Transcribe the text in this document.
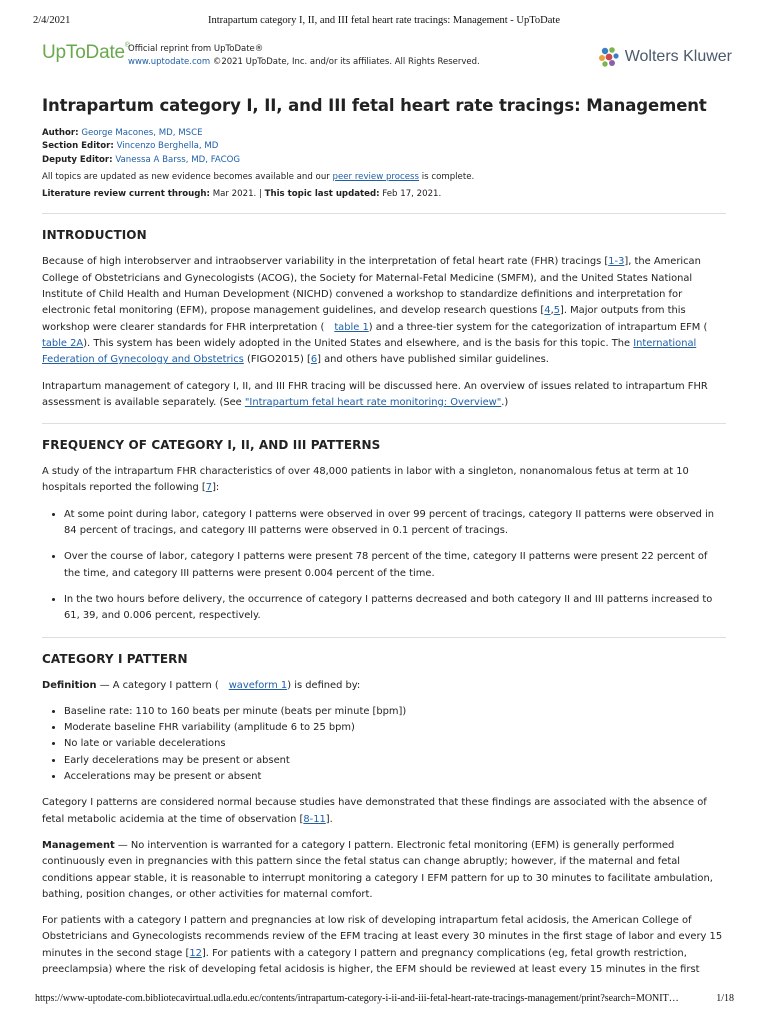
2/4/2021	Intrapartum category I, II, and III fetal heart rate tracings: Management - UpToDate
UpToDate®
Official reprint from UpToDate®
www.uptodate.com ©2021 UpToDate, Inc. and/or its affiliates. All Rights Reserved.	Wolters Kluwer
Intrapartum category I, II, and III fetal heart rate tracings: Management
Author: George Macones, MD, MSCE
Section Editor: Vincenzo Berghella, MD
Deputy Editor: Vanessa A Barss, MD, FACOG
All topics are updated as new evidence becomes available and our peer review process is complete.
Literature review current through: Mar 2021. | This topic last updated: Feb 17, 2021.
INTRODUCTION

Because of high interobserver and intraobserver variability in the interpretation of fetal heart rate (FHR) tracings [1-3], the American College of Obstetricians and Gynecologists (ACOG), the Society for Maternal-Fetal Medicine (SMFM), and the United States National Institute of Child Health and Human Development (NICHD) convened a workshop to standardize definitions and interpretation for electronic fetal monitoring (EFM), propose management guidelines, and develop research questions [4,5]. Major outputs from this workshop were clearer standards for FHR interpretation ( table 1) and a three-tier system for the categorization of intrapartum EFM (table 2A). This system has been widely adopted in the United States and elsewhere, and is the basis for this topic. The International Federation of Gynecology and Obstetrics (FIGO2015) [6] and others have published similar guidelines.

Intrapartum management of category I, II, and III FHR tracing will be discussed here. An overview of issues related to intrapartum FHR assessment is available separately. (See "Intrapartum fetal heart rate monitoring: Overview".)

FREQUENCY OF CATEGORY I, II, AND III PATTERNS

A study of the intrapartum FHR characteristics of over 48,000 patients in labor with a singleton, nonanomalous fetus at term at 10 hospitals reported the following [7]:

• At some point during labor, category I patterns were observed in over 99 percent of tracings, category II patterns were observed in 84 percent of tracings, and category III patterns were observed in 0.1 percent of tracings.
• Over the course of labor, category I patterns were present 78 percent of the time, category II patterns were present 22 percent of the time, and category III patterns were present 0.004 percent of the time.
• In the two hours before delivery, the occurrence of category I patterns decreased and both category II and III patterns increased to 61, 39, and 0.006 percent, respectively.
CATEGORY I PATTERN

Definition — A category I pattern ( waveform 1) is defined by:

• Baseline rate: 110 to 160 beats per minute (beats per minute [bpm])
• Moderate baseline FHR variability (amplitude 6 to 25 bpm)
• No late or variable decelerations
• Early decelerations may be present or absent
• Accelerations may be present or absent

Category I patterns are considered normal because studies have demonstrated that these findings are associated with the absence of fetal metabolic acidemia at the time of observation [8-11].

Management — No intervention is warranted for a category I pattern. Electronic fetal monitoring (EFM) is generally performed continuously even in pregnancies with this pattern since the fetal status can change abruptly; however, if the maternal and fetal conditions appear stable, it is reasonable to interrupt monitoring a category I EFM pattern for up to 30 minutes to facilitate ambulation, bathing, position changes, or other activities for maternal comfort.

For patients with a category I pattern and pregnancies at low risk of developing intrapartum fetal acidosis, the American College of Obstetricians and Gynecologists recommends review of the EFM tracing at least every 30 minutes in the first stage of labor and every 15 minutes in the second stage [12]. For patients with a category I pattern and pregnancy complications (eg, fetal growth restriction, preeclampsia) where the risk of developing fetal acidosis is higher, the EFM should be reviewed at least every 15 minutes in the first

https://www-uptodate-com.bibliotecavirtual.udla.edu.ec/contents/intrapartum-category-i-ii-and-iii-fetal-heart-rate-tracings-management/print?search=MONIT…	1/18
